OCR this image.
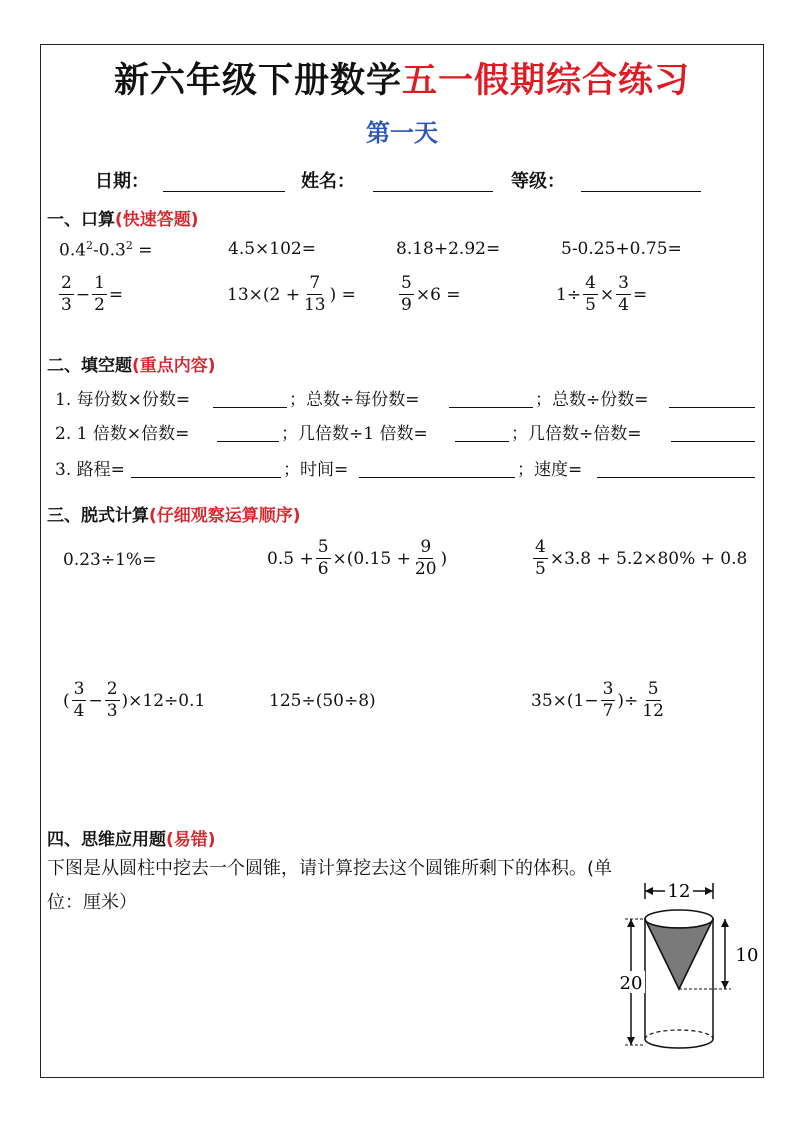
新六年级下册数学五一假期综合练习
第一天
日期：	姓名：	等级：
一、口算(快速答题)
$0.4^2-0.3^2$ =	4.5×102=	8.18+2.92=	5-0.25+0.75=
$\frac{2}{3} - \frac{1}{2}$ =	$13\times(2 + \frac{7}{13}$ ) =	$\frac{5}{9} \times 6$ =	$1\div \frac{4}{5} \times \frac{3}{4}$ =
二、填空题(重点内容)
1. 每份数×份数=	；总数÷每份数=	；总数÷份数=
2. 1 倍数×倍数=	；几倍数÷1 倍数=	；几倍数÷倍数=
3. 路程=	；时间=	；速度=
三、脱式计算(仔细观察运算顺序)
0.23÷1%=	$0.5 + \frac{5}{6} \times(0.15 + \frac{9}{20}$ )	$\frac{4}{5} \times 3.8 + 5.2\times 80\% + 0.8$
( $\frac{3}{4} - \frac{2}{3} )\times 12\div 0.1$	125÷(50÷8)	$35\times(1- \frac{3}{7}$ )÷ $\frac{5}{12}$
四、思维应用题(易错)
下图是从圆柱中挖去一个圆锥，请计算挖去这个圆锥所剩下的体积。(单
位：厘米）
12
20
10
